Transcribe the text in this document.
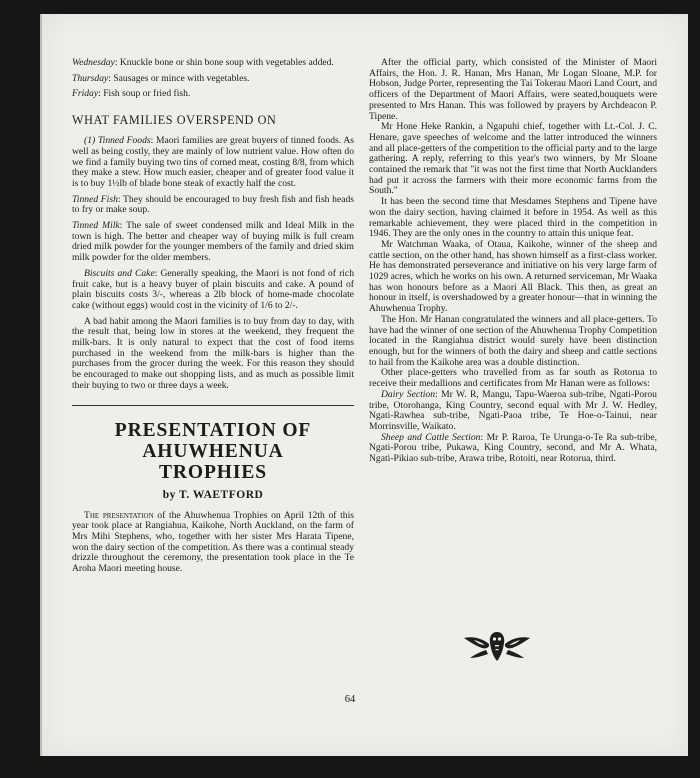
Wednesday: Knuckle bone or shin bone soup with vegetables added.

Thursday: Sausages or mince with vegetables.

Friday: Fish soup or fried fish.

WHAT FAMILIES OVERSPEND ON

(1) Tinned Foods: Maori families are great buyers of tinned foods. As well as being costly, they are mainly of low nutrient value. How often do we find a family buying two tins of corned meat, costing 8/8, from which they make a stew. How much easier, cheaper and of greater food value it is to buy 1½lb of blade bone steak of exactly half the cost.

Tinned Fish: They should be encouraged to buy fresh fish and fish heads to fry or make soup.

Tinned Milk: The sale of sweet condensed milk and Ideal Milk in the town is high. The better and cheaper way of buying milk is full cream dried milk powder for the younger members of the family and dried skim milk powder for the older members.

Biscuits and Cake: Generally speaking, the Maori is not fond of rich fruit cake, but is a heavy buyer of plain biscuits and cake. A pound of plain biscuits costs 3/-, whereas a 2lb block of home-made chocolate cake (without eggs) would cost in the vicinity of 1/6 to 2/-.

A bad habit among the Maori families is to buy from day to day, with the result that, being low in stores at the weekend, they frequent the milk-bars. It is only natural to expect that the cost of food items purchased in the weekend from the milk-bars is higher than the purchases from the grocer during the week. For this reason they should be encouraged to make out shopping lists, and as much as possible limit their buying to two or three days a week.

PRESENTATION OF
AHUWHENUA
TROPHIES
by T. WAETFORD

The presentation of the Ahuwhenua Trophies on April 12th of this year took place at Rangiahua, Kaikohe, North Auckland, on the farm of Mrs Mihi Stephens, who, together with her sister Mrs Harata Tipene, won the dairy section of the competition. As there was a continual steady drizzle throughout the ceremony, the presentation took place in the Te Aroha Maori meeting house.

After the official party, which consisted of the Minister of Maori Affairs, the Hon. J. R. Hanan, Mrs Hanan, Mr Logan Sloane, M.P. for Hobson, Judge Porter, representing the Tai Tokerau Maori Land Court, and officers of the Department of Maori Affairs, were seated,bouquets were presented to Mrs Hanan. This was followed by prayers by Archdeacon P. Tipene.

Mr Hone Heke Rankin, a Ngapuhi chief, together with Lt.-Col. J. C. Henare, gave speeches of welcome and the latter introduced the winners and all place-getters of the competition to the official party and to the large gathering. A reply, referring to this year's two winners, by Mr Sloane contained the remark that "it was not the first time that North Aucklanders had put it across the farmers with their more economic farms from the South."

It has been the second time that Mesdames Stephens and Tipene have won the dairy section, having claimed it before in 1954. As well as this remarkable achievement, they were placed third in the competition in 1946. They are the only ones in the country to attain this unique feat.

Mr Watchman Waaka, of Otaua, Kaikohe, winner of the sheep and cattle section, on the other hand, has shown himself as a first-class worker. He has demonstrated perseverance and initiative on his very large farm of 1029 acres, which he works on his own. A returned serviceman, Mr Waaka has won honours before as a Maori All Black. This then, as great an honour in itself, is overshadowed by a greater honour—that in winning the Ahuwhenua Trophy.

The Hon. Mr Hanan congratulated the winners and all place-getters. To have had the winner of one section of the Ahuwhenua Trophy Competition located in the Rangiahua district would surely have been distinction enough, but for the winners of both the dairy and sheep and cattle sections to hail from the Kaikohe area was a double distinction.

Other place-getters who travelled from as far south as Rotorua to receive their medallions and certificates from Mr Hanan were as follows:

Dairy Section: Mr W. R, Mangu, Tapu-Waeroa sub-tribe, Ngati-Porou tribe, Otorohanga, King Country, second equal with Mr J. W. Hedley, Ngati-Rawhea sub-tribe, Ngati-Paoa tribe, Te Hoe-o-Tainui, near Morrinsville, Waikato.

Sheep and Cattle Section: Mr P. Raroa, Te Urunga-o-Te Ra sub-tribe, Ngati-Porou tribe, Pukawa, King Country, second, and Mr A. Whata, Ngati-Pikiao sub-tribe, Arawa tribe, Rotoiti, near Rotorua, third.

64
